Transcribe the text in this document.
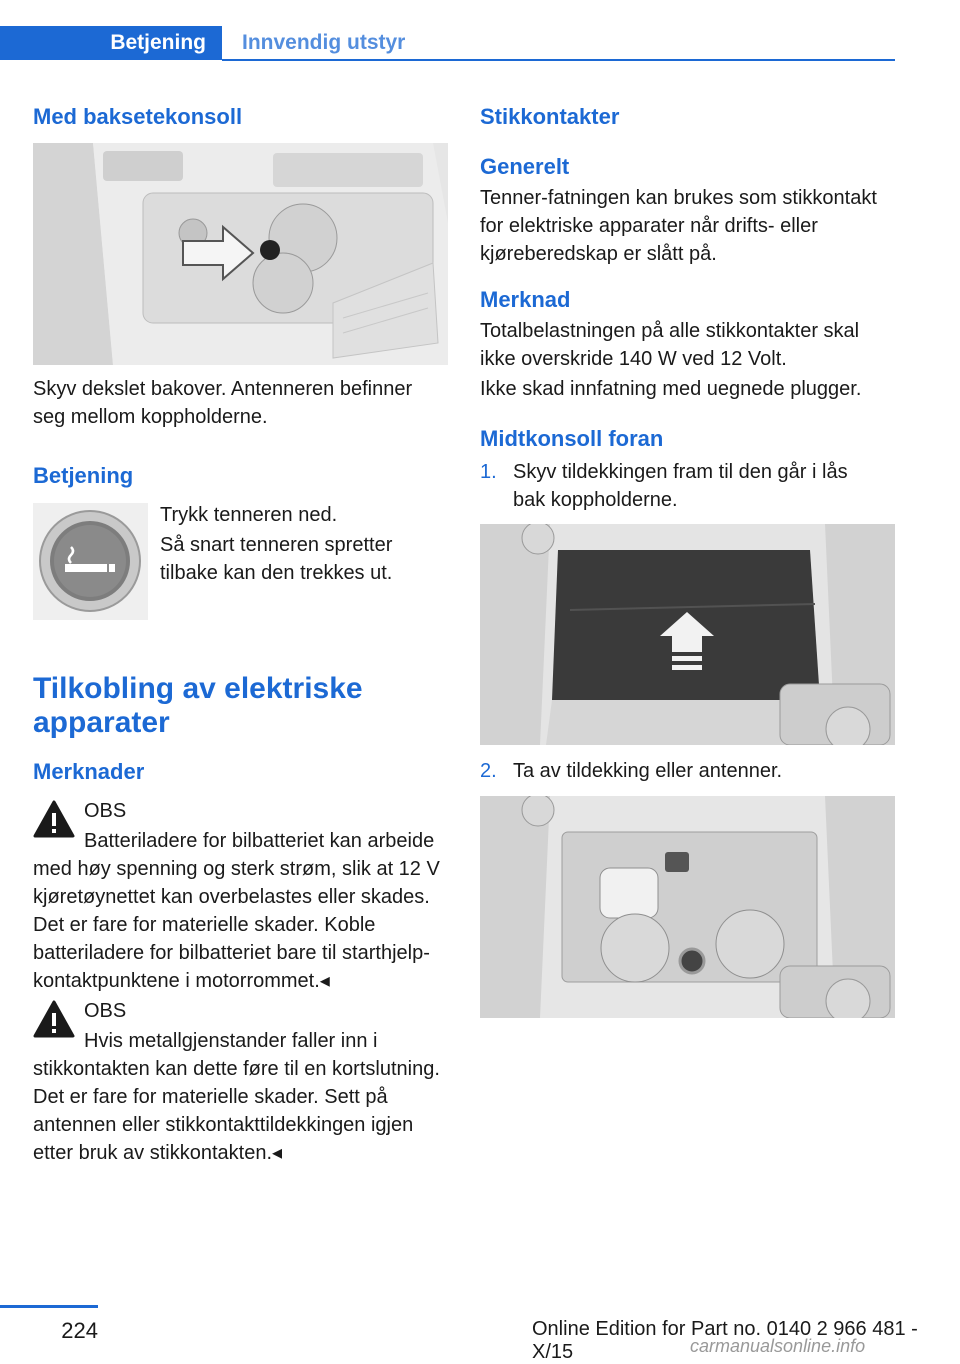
Betjening	Innvendig utstyr
Med baksetekonsoll

Skyv dekslet bakover. Antenneren befinner seg mellom koppholderne.

Betjening

Trykk tenneren ned.

Så snart tenneren spretter tilbake kan den trekkes ut.

Tilkobling av elektriske apparater
Merknader
OBS

Batteriladere for bilbatteriet kan arbeide med høy spenning og sterk strøm, slik at 12 V kjøretøynettet kan overbelastes eller skades. Det er fare for materielle skader. Koble batteriladere for bilbatteriet bare til starthjelp-kontaktpunktene i motorrommet.◂

OBS

Hvis metallgjenstander faller inn i stikkontakten kan dette føre til en kortslutning. Det er fare for materielle skader. Sett på antennen eller stikkontakttildekkingen igjen etter bruk av stikkontakten.◂

Stikkontakter
Generelt

Tenner-fatningen kan brukes som stikkontakt for elektriske apparater når drifts- eller kjøreberedskap er slått på.

Merknad

Totalbelastningen på alle stikkontakter skal ikke overskride 140 W ved 12 Volt.

Ikke skad innfatning med uegnede plugger.

Midtkonsoll foran
1. Skyv tildekkingen fram til den går i lås bak koppholderne.
2. Ta av tildekking eller antenner.
224	Online Edition for Part no. 0140 2 966 481 - X/15	carmanualsonline.info
